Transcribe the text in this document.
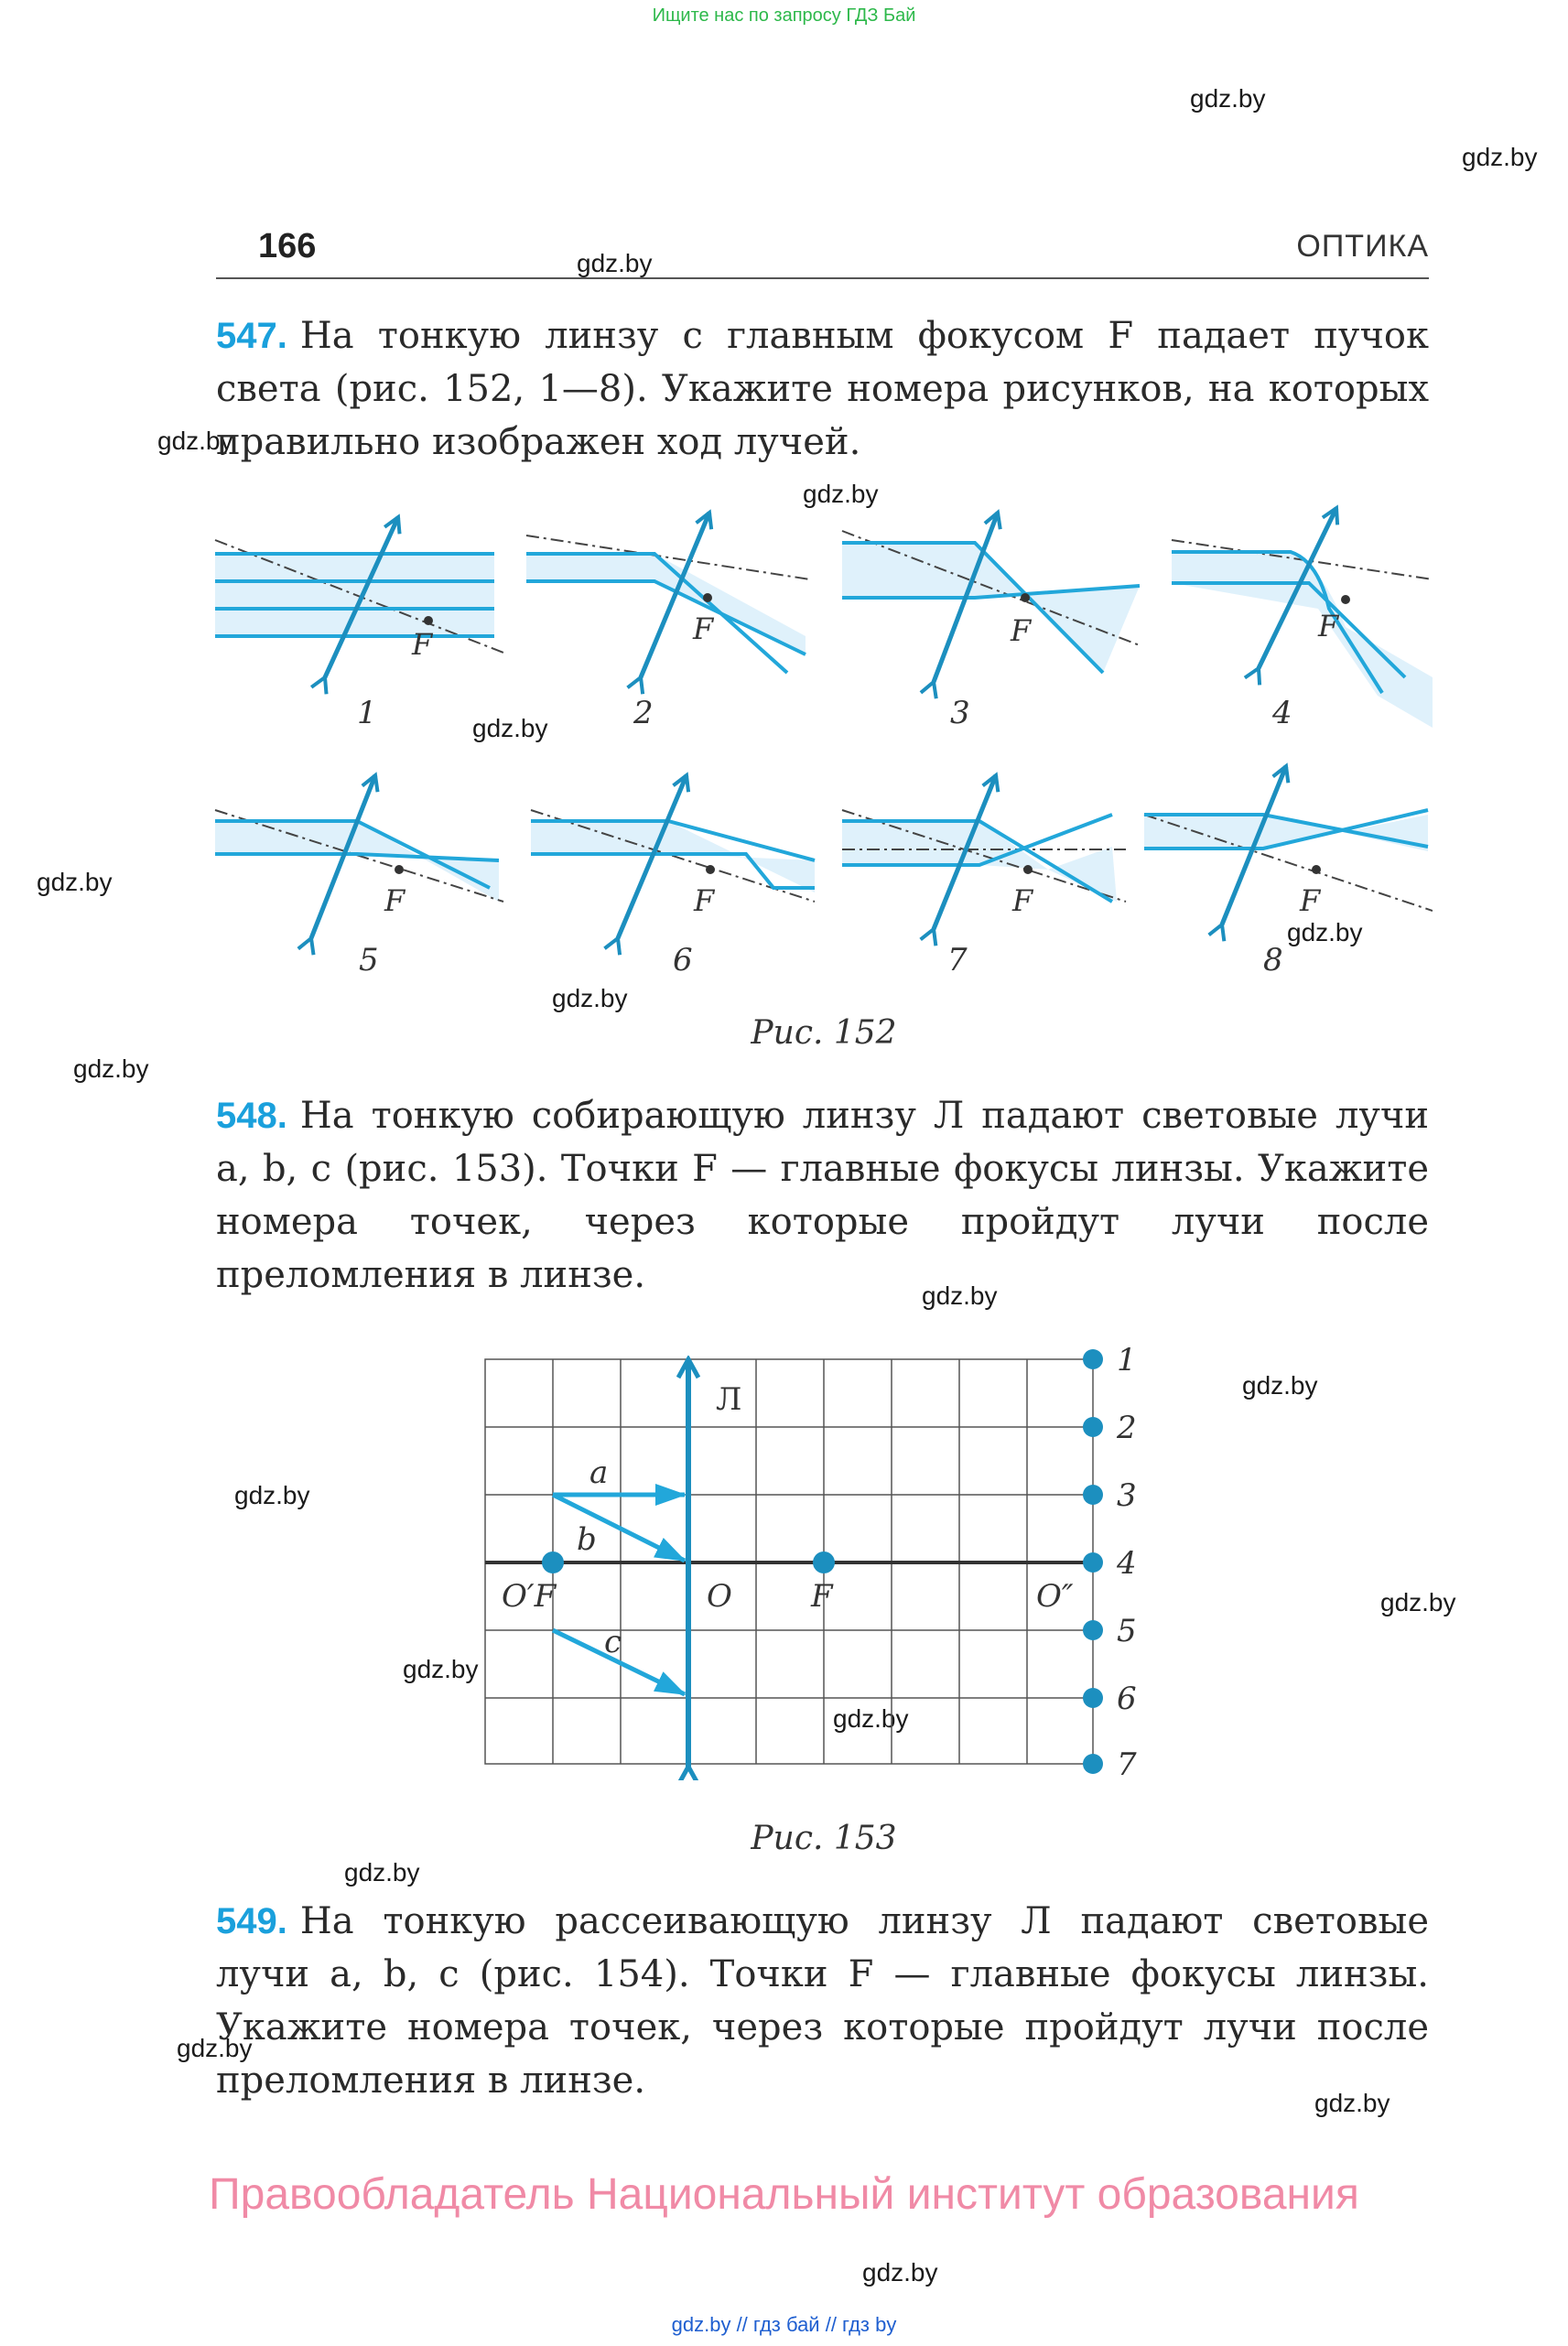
Ищите нас по запросу ГДЗ Бай
gdz.by
gdz.by
gdz.by
gdz.by
gdz.by
gdz.by
gdz.by
gdz.by
gdz.by
gdz.by
gdz.by
gdz.by
gdz.by
gdz.by
gdz.by
gdz.by
gdz.by
gdz.by
gdz.by
gdz.by
166	ОПТИКА
547. На тонкую линзу с главным фокусом F падает пучок света (рис. 152, 1—8). Укажите номера рисунков, на которых правильно изображен ход лучей.
F
1
F
2
F
3
F
4
F
5
F
6
F
7
F
8
Рис. 152
548. На тонкую собирающую линзу Л падают световые лучи a, b, c (рис. 153). Точки F — главные фокусы линзы. Укажите номера точек, через которые пройдут лучи после преломления в линзе.
1
2
3
4
5
6
7
a
b
c
O′F	O	F	O″
Л
Рис. 153
549. На тонкую рассеивающую линзу Л падают световые лучи a, b, c (рис. 154). Точки F — главные фокусы линзы. Укажите номера точек, через которые пройдут лучи после преломления в линзе.
Правообладатель Национальный институт образования
gdz.by // гдз бай // гдз by
